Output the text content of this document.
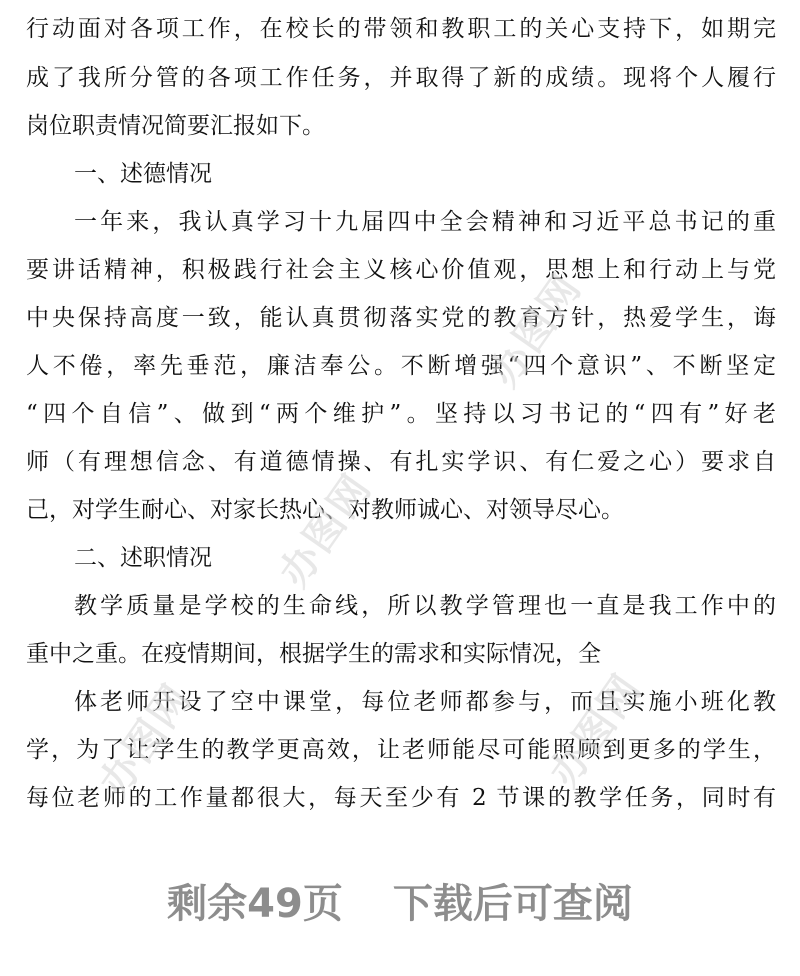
行动面对各项工作，在校长的带领和教职工的关心支持下，如期完
成了我所分管的各项工作任务，并取得了新的成绩。现将个人履行
岗位职责情况简要汇报如下。
一、述德情况
一年来，我认真学习十九届四中全会精神和习近平总书记的重
要讲话精神，积极践行社会主义核心价值观，思想上和行动上与党
中央保持高度一致，能认真贯彻落实党的教育方针，热爱学生，诲
人不倦，率先垂范，廉洁奉公。不断增强“四个意识”、不断坚定
“四个自信”、做到“两个维护”。坚持以习书记的“四有”好老
师（有理想信念、有道德情操、有扎实学识、有仁爱之心）要求自
己，对学生耐心、对家长热心、对教师诚心、对领导尽心。
二、述职情况
教学质量是学校的生命线，所以教学管理也一直是我工作中的
重中之重。在疫情期间，根据学生的需求和实际情况，全
体老师开设了空中课堂，每位老师都参与，而且实施小班化教
学，为了让学生的教学更高效，让老师能尽可能照顾到更多的学生，
每位老师的工作量都很大，每天至少有 2 节课的教学任务，同时有
办图网
办图网
办图网
办图网
剩余49页 下载后可查阅
